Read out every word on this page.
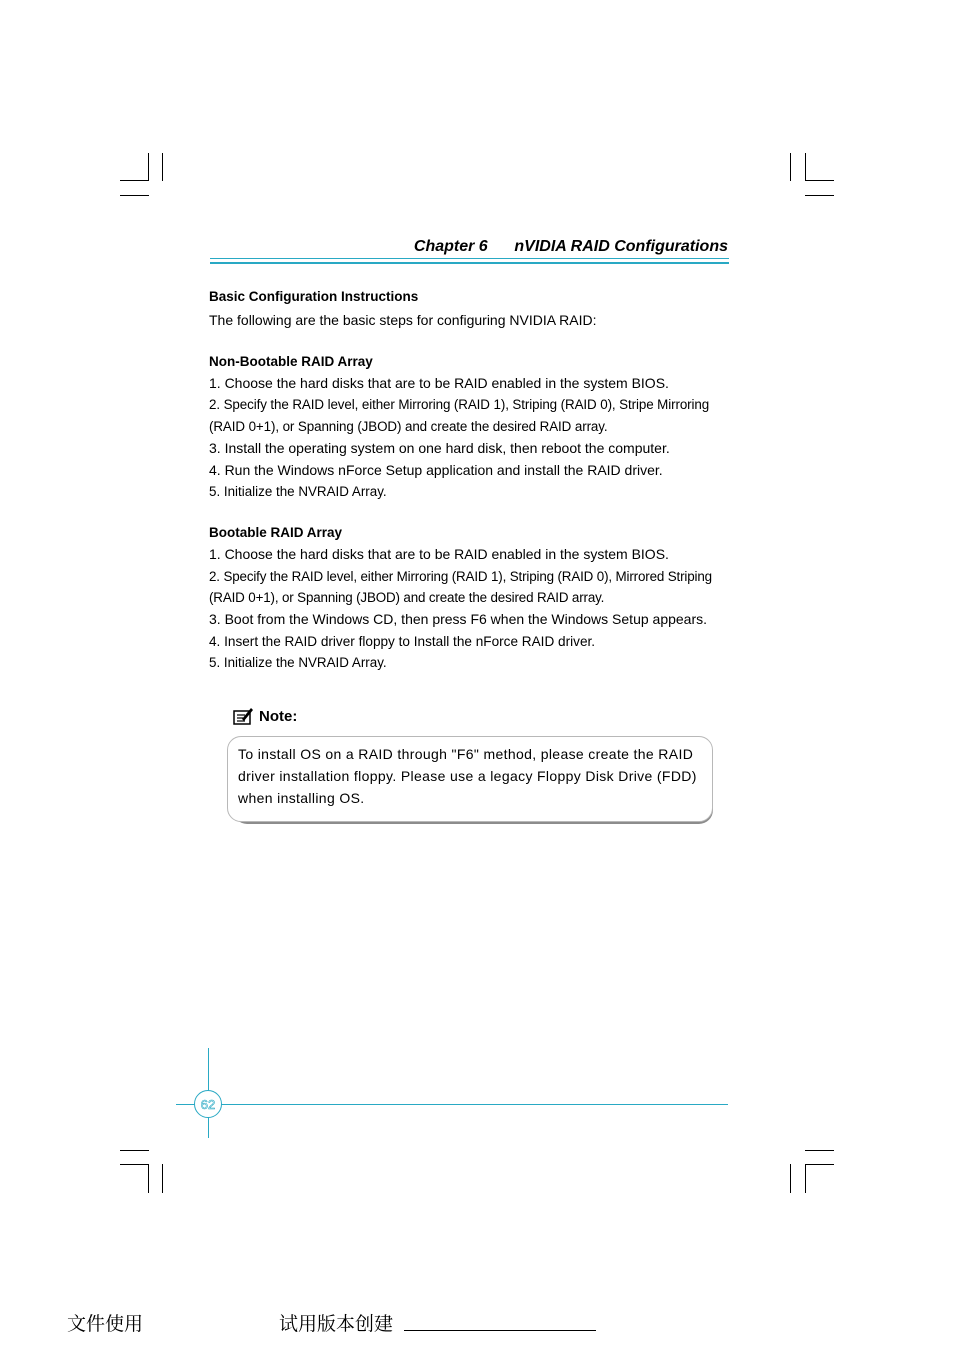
Chapter 6 nVIDIA RAID Configurations
Basic Configuration Instructions

The following are the basic steps for configuring NVIDIA RAID:

Non-Bootable RAID Array

1. Choose the hard disks that are to be RAID enabled in the system BIOS.

2. Specify the RAID level, either Mirroring (RAID 1), Striping (RAID 0), Stripe Mirroring (RAID 0+1), or Spanning (JBOD) and create the desired RAID array.

3. Install the operating system on one hard disk, then reboot the computer.

4. Run the Windows nForce Setup application and install the RAID driver.

5. Initialize the NVRAID Array.

Bootable RAID Array

1. Choose the hard disks that are to be RAID enabled in the system BIOS.

2. Specify the RAID level, either Mirroring (RAID 1), Striping (RAID 0), Mirrored Striping (RAID 0+1), or Spanning (JBOD) and create the desired RAID array.

3. Boot from the Windows CD, then press F6 when the Windows Setup appears.

4. Insert the RAID driver floppy to Install the nForce RAID driver.

5. Initialize the NVRAID Array.

Note:
To install OS on a RAID through "F6" method, please create the RAID driver installation floppy. Please use a legacy Floppy Disk Drive (FDD) when installing OS.
62
文件使用	试用版本创建
